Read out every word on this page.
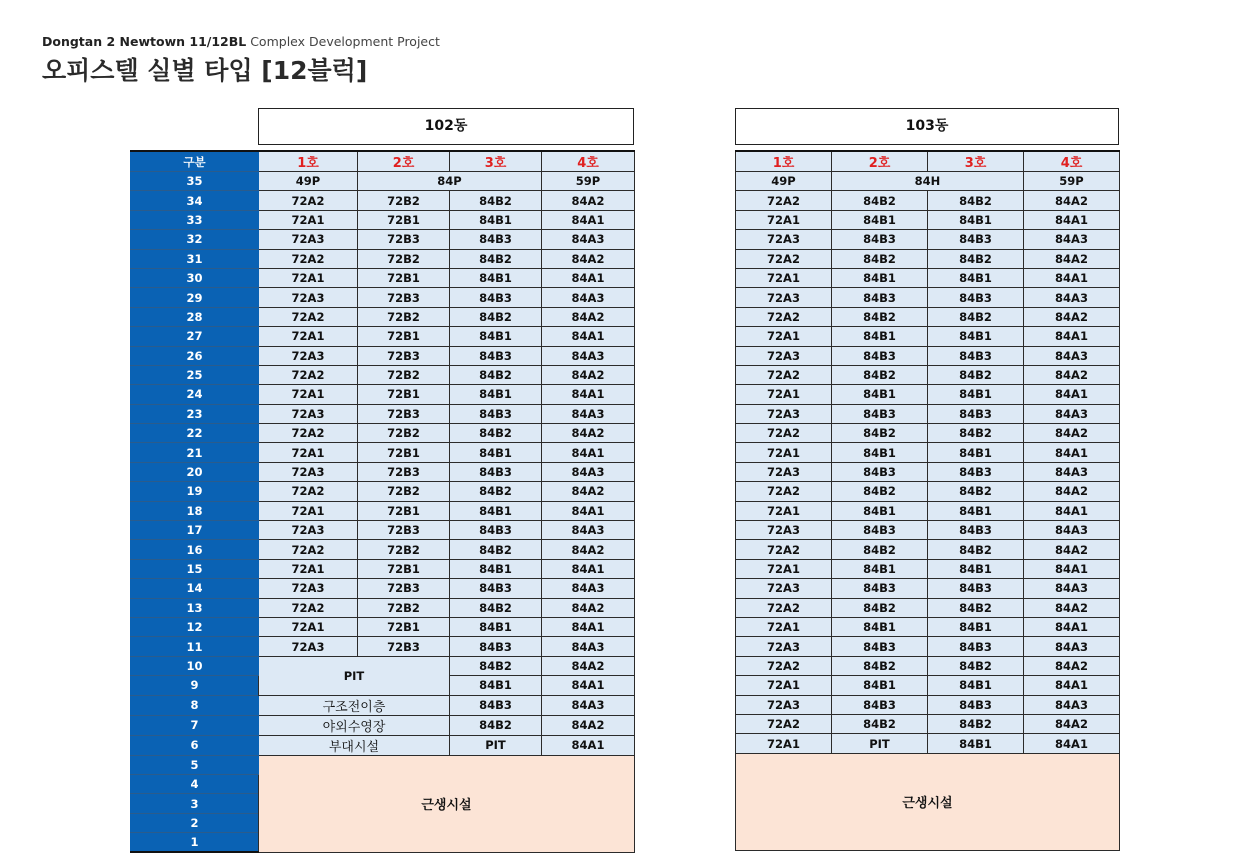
Dongtan 2 Newtown 11/12BL Complex Development Project
오피스텔 실별 타입 [12블럭]
102동	103동
구분	1호	2호	3호	4호
35	49P	84P		59P
34	72A2	72B2	84B2	84A2
33	72A1	72B1	84B1	84A1
32	72A3	72B3	84B3	84A3
31	72A2	72B2	84B2	84A2
30	72A1	72B1	84B1	84A1
29	72A3	72B3	84B3	84A3
28	72A2	72B2	84B2	84A2
27	72A1	72B1	84B1	84A1
26	72A3	72B3	84B3	84A3
25	72A2	72B2	84B2	84A2
24	72A1	72B1	84B1	84A1
23	72A3	72B3	84B3	84A3
22	72A2	72B2	84B2	84A2
21	72A1	72B1	84B1	84A1
20	72A3	72B3	84B3	84A3
19	72A2	72B2	84B2	84A2
18	72A1	72B1	84B1	84A1
17	72A3	72B3	84B3	84A3
16	72A2	72B2	84B2	84A2
15	72A1	72B1	84B1	84A1
14	72A3	72B3	84B3	84A3
13	72A2	72B2	84B2	84A2
12	72A1	72B1	84B1	84A1
11	72A3	72B3	84B3	84A3
10	PIT		84B2	84A2
9			84B1	84A1
8	구조전이층		84B3	84A3
7	야외수영장		84B2	84A2
6	부대시설		PIT	84A1
5	근생시설			
4				
3				
2				
1				
1호	2호	3호	4호
49P	84H		59P
72A2	84B2	84B2	84A2
72A1	84B1	84B1	84A1
72A3	84B3	84B3	84A3
72A2	84B2	84B2	84A2
72A1	84B1	84B1	84A1
72A3	84B3	84B3	84A3
72A2	84B2	84B2	84A2
72A1	84B1	84B1	84A1
72A3	84B3	84B3	84A3
72A2	84B2	84B2	84A2
72A1	84B1	84B1	84A1
72A3	84B3	84B3	84A3
72A2	84B2	84B2	84A2
72A1	84B1	84B1	84A1
72A3	84B3	84B3	84A3
72A2	84B2	84B2	84A2
72A1	84B1	84B1	84A1
72A3	84B3	84B3	84A3
72A2	84B2	84B2	84A2
72A1	84B1	84B1	84A1
72A3	84B3	84B3	84A3
72A2	84B2	84B2	84A2
72A1	84B1	84B1	84A1
72A3	84B3	84B3	84A3
72A2	84B2	84B2	84A2
72A1	84B1	84B1	84A1
72A3	84B3	84B3	84A3
72A2	84B2	84B2	84A2
72A1	PIT	84B1	84A1
근생시설			
